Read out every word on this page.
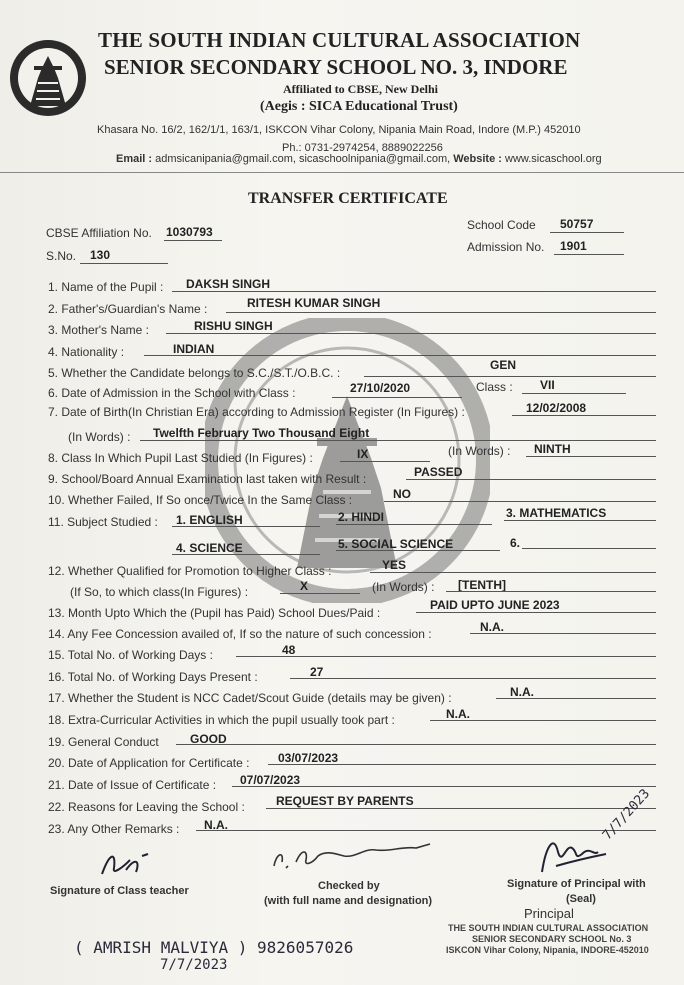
THE SOUTH INDIAN CULTURAL ASSOCIATION
SENIOR SECONDARY SCHOOL NO. 3, INDORE
Affiliated to CBSE, New Delhi
(Aegis : SICA Educational Trust)
Khasara No. 16/2, 162/1/1, 163/1, ISKCON Vihar Colony, Nipania Main Road, Indore (M.P.) 452010
Ph.: 0731-2974254, 8889022256
Email : admsicanipania@gmail.com, sicaschoolnipania@gmail.com, Website : www.sicaschool.org
TRANSFER CERTIFICATE
CBSE Affiliation No. 1030793	School Code 50757
S.No. 130
Admission No. 1901
1. Name of the Pupil : DAKSH SINGH
2. Father's/Guardian's Name :	RITESH KUMAR SINGH
3. Mother's Name :	RISHU SINGH
4. Nationality :	INDIAN
5. Whether the Candidate belongs to S.C./S.T./O.B.C. :
GEN
6. Date of Admission in the School with Class :	27/10/2020	Class : VII
7. Date of Birth(In Christian Era) according to Admission Register (In Figures) :	12/02/2008
(In Words) : Twelfth February Two Thousand Eight
8. Class In Which Pupil Last Studied (In Figures) :	IX	(In Words) : NINTH
9. School/Board Annual Examination last taken with Result :	PASSED
10. Whether Failed, If So once/Twice In the Same Class :	NO
11. Subject Studied : 1. ENGLISH	2. HINDI	3. MATHEMATICS
4. SCIENCE	5. SOCIAL SCIENCE	6.
12. Whether Qualified for Promotion to Higher Class :	YES
(If So, to which class(In Figures) :	X	(In Words) : [TENTH]
13. Month Upto Which the (Pupil has Paid) School Dues/Paid :
PAID UPTO JUNE 2023
14. Any Fee Concession availed of, If so the nature of such concession :	N.A.
15. Total No. of Working Days :	48
16. Total No. of Working Days Present :	27
17. Whether the Student is NCC Cadet/Scout Guide (details may be given) :	N.A.
18. Extra-Curricular Activities in which the pupil usually took part :	N.A.
19. General Conduct	GOOD
20. Date of Application for Certificate : 03/07/2023
21. Date of Issue of Certificate : 07/07/2023
22. Reasons for Leaving the School :	REQUEST BY PARENTS
23. Any Other Remarks : N.A.	7/7/2023
Signature of Class teacher	Checked by
(with full name and designation)
Signature of Principal with
(Seal)
Principal
THE SOUTH INDIAN CULTURAL ASSOCIATION
SENIOR SECONDARY SCHOOL No. 3
ISKCON Vihar Colony, Nipania, INDORE-452010
( AMRISH MALVIYA ) 9826057026
7/7/2023
